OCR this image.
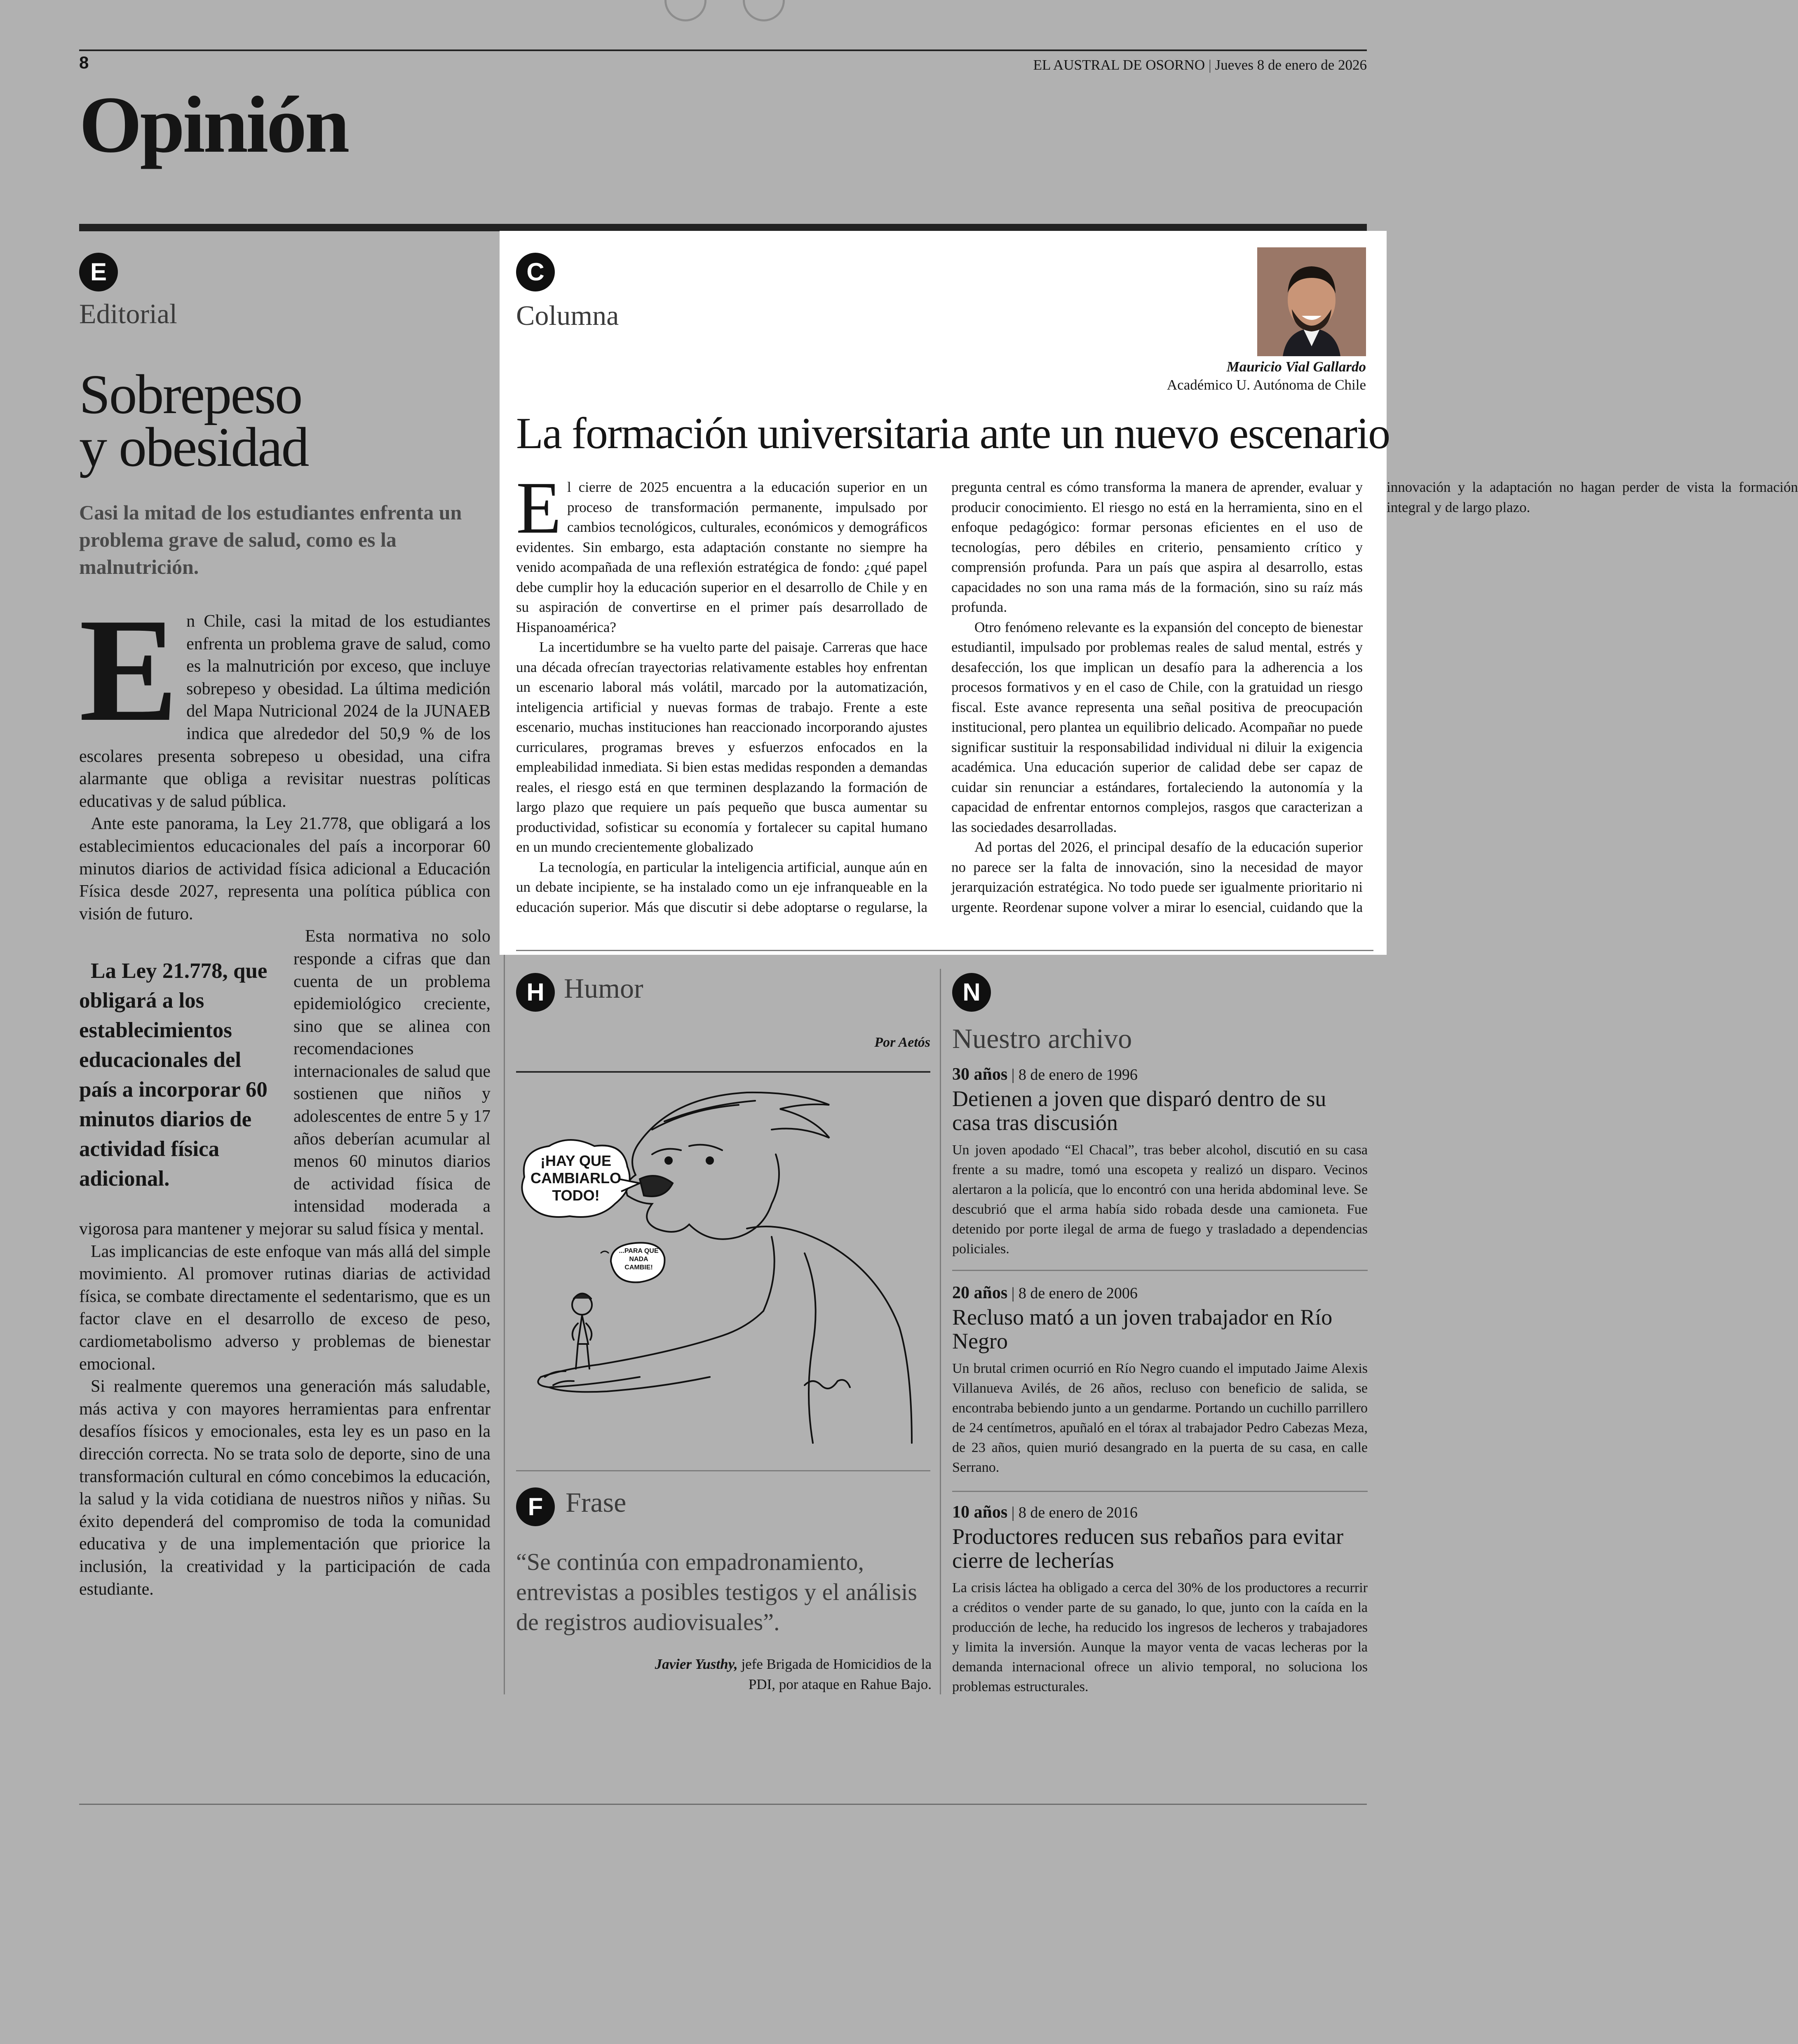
8	EL AUSTRAL DE OSORNO | Jueves 8 de enero de 2026
Opinión
E
Editorial
Sobrepeso
y obesidad
Casi la mitad de los estudiantes enfrenta un problema grave de salud, como es la malnutrición.

En Chile, casi la mitad de los estudiantes enfrenta un problema grave de salud, como es la malnutrición por exceso, que incluye sobrepeso y obesidad. La última medición del Mapa Nutricional 2024 de la JUNAEB indica que alrededor del 50,9 % de los escolares presenta sobrepeso u obesidad, una cifra alarmante que obliga a revisitar nuestras políticas educativas y de salud pública.

Ante este panorama, la Ley 21.778, que obligará a los establecimientos educacionales del país a incorporar 60 minutos diarios de actividad física adicional a Educación Física desde 2027, representa una política pública con visión de futuro.

La Ley 21.778, que obligará a los establecimientos educacionales del país a incorporar 60 minutos diarios de actividad física adicional.
Esta normativa no solo responde a cifras que dan cuenta de un problema epidemiológico creciente, sino que se alinea con recomendaciones internacionales de salud que sostienen que niños y adolescentes de entre 5 y 17 años deberían acumular al menos 60 minutos diarios de actividad física de intensidad moderada a vigorosa para mantener y mejorar su salud física y mental.

Las implicancias de este enfoque van más allá del simple movimiento. Al promover rutinas diarias de actividad física, se combate directamente el sedentarismo, que es un factor clave en el desarrollo de exceso de peso, cardiometabolismo adverso y problemas de bienestar emocional.

Si realmente queremos una generación más saludable, más activa y con mayores herramientas para enfrentar desafíos físicos y emocionales, esta ley es un paso en la dirección correcta. No se trata solo de deporte, sino de una transformación cultural en cómo concebimos la educación, la salud y la vida cotidiana de nuestros niños y niñas. Su éxito dependerá del compromiso de toda la comunidad educativa y de una implementación que priorice la inclusión, la creatividad y la participación de cada estudiante.

C
Columna
Mauricio Vial Gallardo
Académico U. Autónoma de Chile
La formación universitaria ante un nuevo escenario

El cierre de 2025 encuentra a la educación superior en un proceso de transformación permanente, impulsado por cambios tecnológicos, culturales, económicos y demográficos evidentes. Sin embargo, esta adaptación constante no siempre ha venido acompañada de una reflexión estratégica de fondo: ¿qué papel debe cumplir hoy la educación superior en el desarrollo de Chile y en su aspiración de convertirse en el primer país desarrollado de Hispanoamérica?

La incertidumbre se ha vuelto parte del paisaje. Carreras que hace una década ofrecían trayectorias relativamente estables hoy enfrentan un escenario laboral más volátil, marcado por la automatización, inteligencia artificial y nuevas formas de trabajo. Frente a este escenario, muchas instituciones han reaccionado incorporando ajustes curriculares, programas breves y esfuerzos enfocados en la empleabilidad inmediata. Si bien estas medidas responden a demandas reales, el riesgo está en que terminen desplazando la formación de largo plazo que requiere un país pequeño que busca aumentar su productividad, sofisticar su economía y fortalecer su capital humano en un mundo crecientemente globalizado

La tecnología, en particular la inteligencia artificial, aunque aún en un debate incipiente, se ha instalado como un eje infranqueable en la educación superior. Más que discutir si debe adoptarse o regularse, la pregunta central es cómo transforma la manera de aprender, evaluar y producir conocimiento. El riesgo no está en la herramienta, sino en el enfoque pedagógico: formar personas eficientes en el uso de tecnologías, pero débiles en criterio, pensamiento crítico y comprensión profunda. Para un país que aspira al desarrollo, estas capacidades no son una rama más de la formación, sino su raíz más profunda.

Otro fenómeno relevante es la expansión del concepto de bienestar estudiantil, impulsado por problemas reales de salud mental, estrés y desafección, los que implican un desafío para la adherencia a los procesos formativos y en el caso de Chile, con la gratuidad un riesgo fiscal. Este avance representa una señal positiva de preocupación institucional, pero plantea un equilibrio delicado. Acompañar no puede significar sustituir la responsabilidad individual ni diluir la exigencia académica. Una educación superior de calidad debe ser capaz de cuidar sin renunciar a estándares, fortaleciendo la autonomía y la capacidad de enfrentar entornos complejos, rasgos que caracterizan a las sociedades desarrolladas.

Ad portas del 2026, el principal desafío de la educación superior no parece ser la falta de innovación, sino la necesidad de mayor jerarquización estratégica. No todo puede ser igualmente prioritario ni urgente. Reordenar supone volver a mirar lo esencial, cuidando que la innovación y la adaptación no hagan perder de vista la formación integral y de largo plazo.

H Humor
Por Aetós
¡HAY QUE CAMBIARLO TODO!
...PARA QUE NADA CAMBIE!
F Frase
“Se continúa con empadronamiento, entrevistas a posibles testigos y el análisis de registros audiovisuales”.
Javier Yusthy, jefe Brigada de Homicidios de la PDI, por ataque en Rahue Bajo.
N
Nuestro archivo
30 años | 8 de enero de 1996
Detienen a joven que disparó dentro de su casa tras discusión
Un joven apodado “El Chacal”, tras beber alcohol, discutió en su casa frente a su madre, tomó una escopeta y realizó un disparo. Vecinos alertaron a la policía, que lo encontró con una herida abdominal leve. Se descubrió que el arma había sido robada desde una camioneta. Fue detenido por porte ilegal de arma de fuego y trasladado a dependencias policiales.
20 años | 8 de enero de 2006
Recluso mató a un joven trabajador en Río Negro
Un brutal crimen ocurrió en Río Negro cuando el imputado Jaime Alexis Villanueva Avilés, de 26 años, recluso con beneficio de salida, se encontraba bebiendo junto a un gendarme. Portando un cuchillo parrillero de 24 centímetros, apuñaló en el tórax al trabajador Pedro Cabezas Meza, de 23 años, quien murió desangrado en la puerta de su casa, en calle Serrano.
10 años | 8 de enero de 2016
Productores reducen sus rebaños para evitar cierre de lecherías
La crisis láctea ha obligado a cerca del 30% de los productores a recurrir a créditos o vender parte de su ganado, lo que, junto con la caída en la producción de leche, ha reducido los ingresos de lecheros y trabajadores y limita la inversión. Aunque la mayor venta de vacas lecheras por la demanda internacional ofrece un alivio temporal, no soluciona los problemas estructurales.
